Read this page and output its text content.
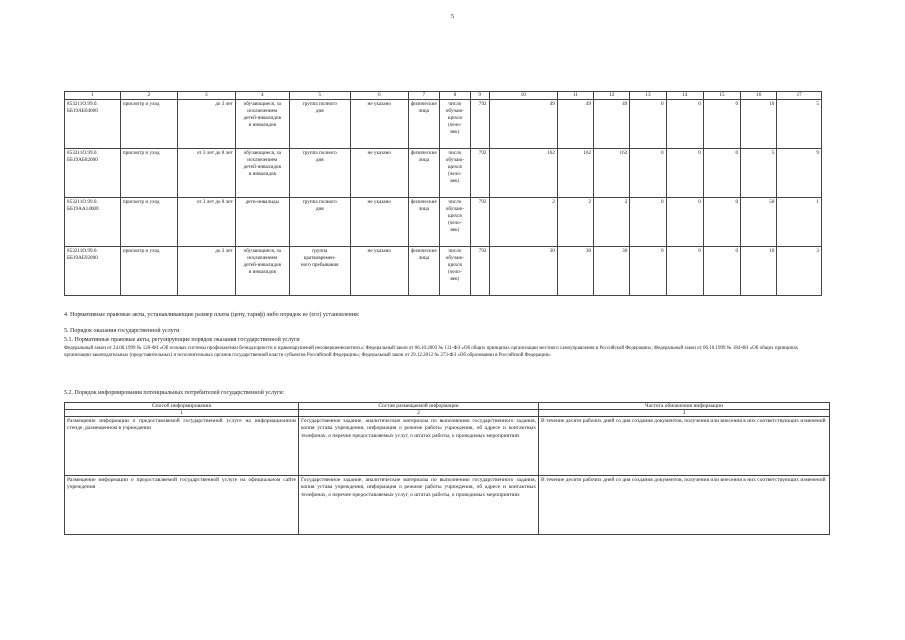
5
1	2	3	4	5	6	7	8	9	10	11	12	13	14	15	16	17
853211О.99.0.
ББ19АБ04000	присмотр и уход	до 3 лет	обучающиеся, за
исключением
детей-инвалидов
и инвалидов	группа полного
дня	не указано	физические
лица	число
обучаю-
щихся
(чело-
век)	792	49	49	49	0	0	0	10	5
853211О.99.0.
ББ19АБ82000	присмотр и уход	от 3 лет до 8 лет	обучающиеся, за
исключением
детей-инвалидов
и инвалидов	группа полного
дня	не указано	физические
лица	число
обучаю-
щихся
(чело-
век)	792	162	162	162	0	0	0	5	9
853211О.99.0.
ББ19АА14000	присмотр и уход	от 3 лет до 8 лет	дети-инвалиды	группа полного
дня	не указано	физические
лица	число
обучаю-
щихся
(чело-
век)	792	2	2	2	0	0	0	50	1
853211О.99.0.
ББ19АБ92000	присмотр и уход	до 3 лет	обучающиеся, за
исключением
детей-инвалидов
и инвалидов	группа
кратковремен-
ного пребывания	не указано	физические
лица	число
обучаю-
щихся
(чело-
век)	792	30	30	30	0	0	0	10	3
4. Нормативные правовые акты, устанавливающие размер платы (цену, тариф) либо порядок ее (его) установления:
5. Порядок оказания государственной услуги
5.1. Нормативные правовые акты, регулирующие порядок оказания государственной услуги
Федеральный закон от 24.06.1999 № 120-ФЗ «Об основах системы профилактики безнадзорности и правонарушений несовершеннолетних»; Федеральный закон от 06.10.2003 № 131-ФЗ «Об общих принципах организации местного самоуправления в Российской Федерации»; Федеральный закон от 06.10.1999 № 184-ФЗ «Об общих принципах организации законодательных (представительных) и исполнительных органов государственной власти субъектов Российской Федерации»; Федеральный закон от 29.12.2012 № 273-ФЗ «Об образовании в Российской Федерации»
5.2. Порядок информирования потенциальных потребителей государственной услуги:
Способ информирования	Состав размещаемой информации	Частота обновления информации
1	2	3
Размещение информации о предоставляемой государственной услуге на информационном стенде, размещенном в учреждении	Государственное задание, аналитические материалы по выполнению государственного задания, копия устава учреждения, информация о режиме работы учреждения, об адресе и контактных телефонах, о перечне предоставляемых услуг, о штатах работы, о проводимых мероприятиях	В течение десяти рабочих дней со дня создания документов, получения или внесения в них соответствующих изменений
Размещение информации о предоставляемой государственной услуге на официальном сайте учреждения	Государственное задание, аналитические материалы по выполнению государственного задания, копия устава учреждения, информация о режиме работы учреждения, об адресе и контактных телефонах, о перечне предоставляемых услуг, о штатах работы, о проводимых мероприятиях	В течение десяти рабочих дней со дня создания документов, получения или внесения в них соответствующих изменений
